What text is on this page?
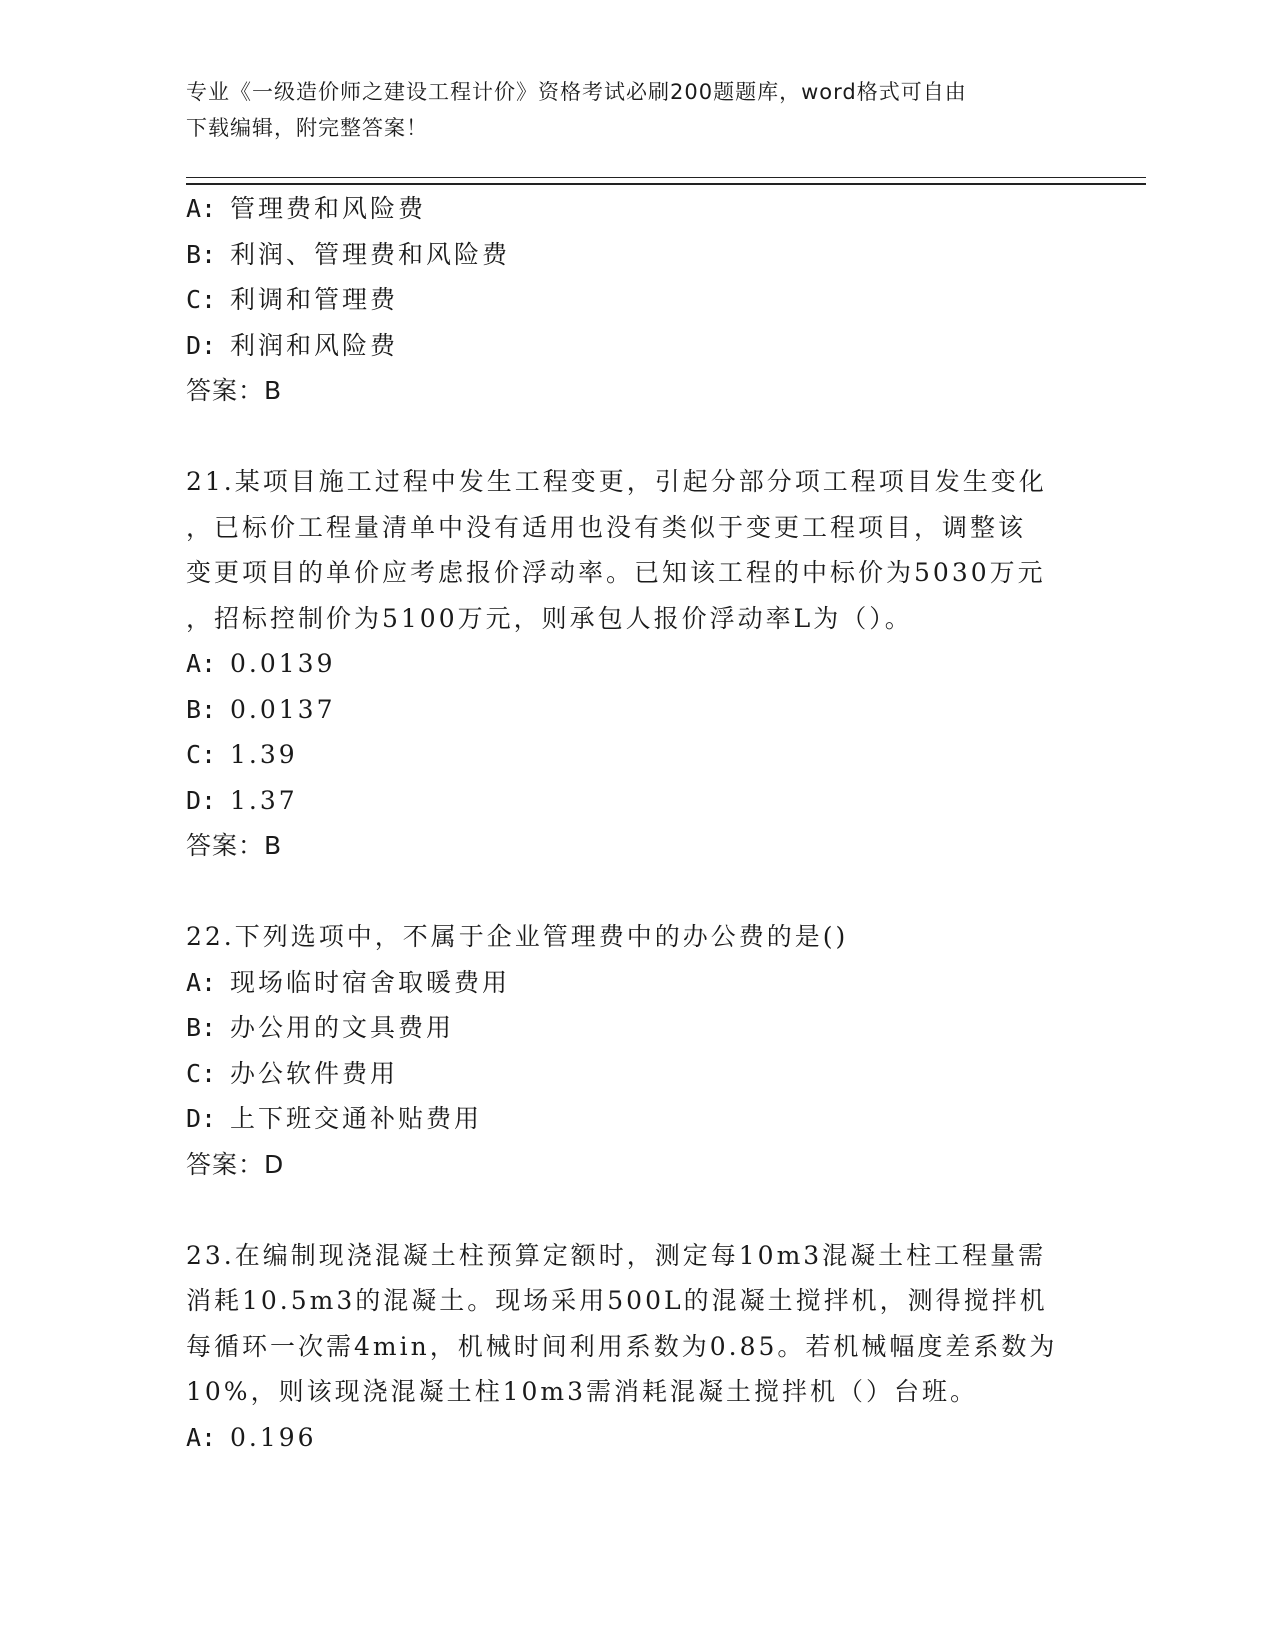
专业《一级造价师之建设工程计价》资格考试必刷200题题库，word格式可自由
下载编辑，附完整答案！
A: 管理费和风险费
B: 利润、管理费和风险费
C: 利调和管理费
D: 利润和风险费
答案：B
21.某项目施工过程中发生工程变更，引起分部分项工程项目发生变化
，已标价工程量清单中没有适用也没有类似于变更工程项目，调整该
变更项目的单价应考虑报价浮动率。已知该工程的中标价为5030万元
，招标控制价为5100万元，则承包人报价浮动率L为（）。
A: 0.0139
B: 0.0137
C: 1.39
D: 1.37
答案：B
22.下列选项中，不属于企业管理费中的办公费的是()
A: 现场临时宿舍取暖费用
B: 办公用的文具费用
C: 办公软件费用
D: 上下班交通补贴费用
答案：D
23.在编制现浇混凝土柱预算定额时，测定每10m3混凝土柱工程量需
消耗10.5m3的混凝土。现场采用500L的混凝土搅拌机，测得搅拌机
每循环一次需4min，机械时间利用系数为0.85。若机械幅度差系数为
10%，则该现浇混凝土柱10m3需消耗混凝土搅拌机（）台班。
A: 0.196
